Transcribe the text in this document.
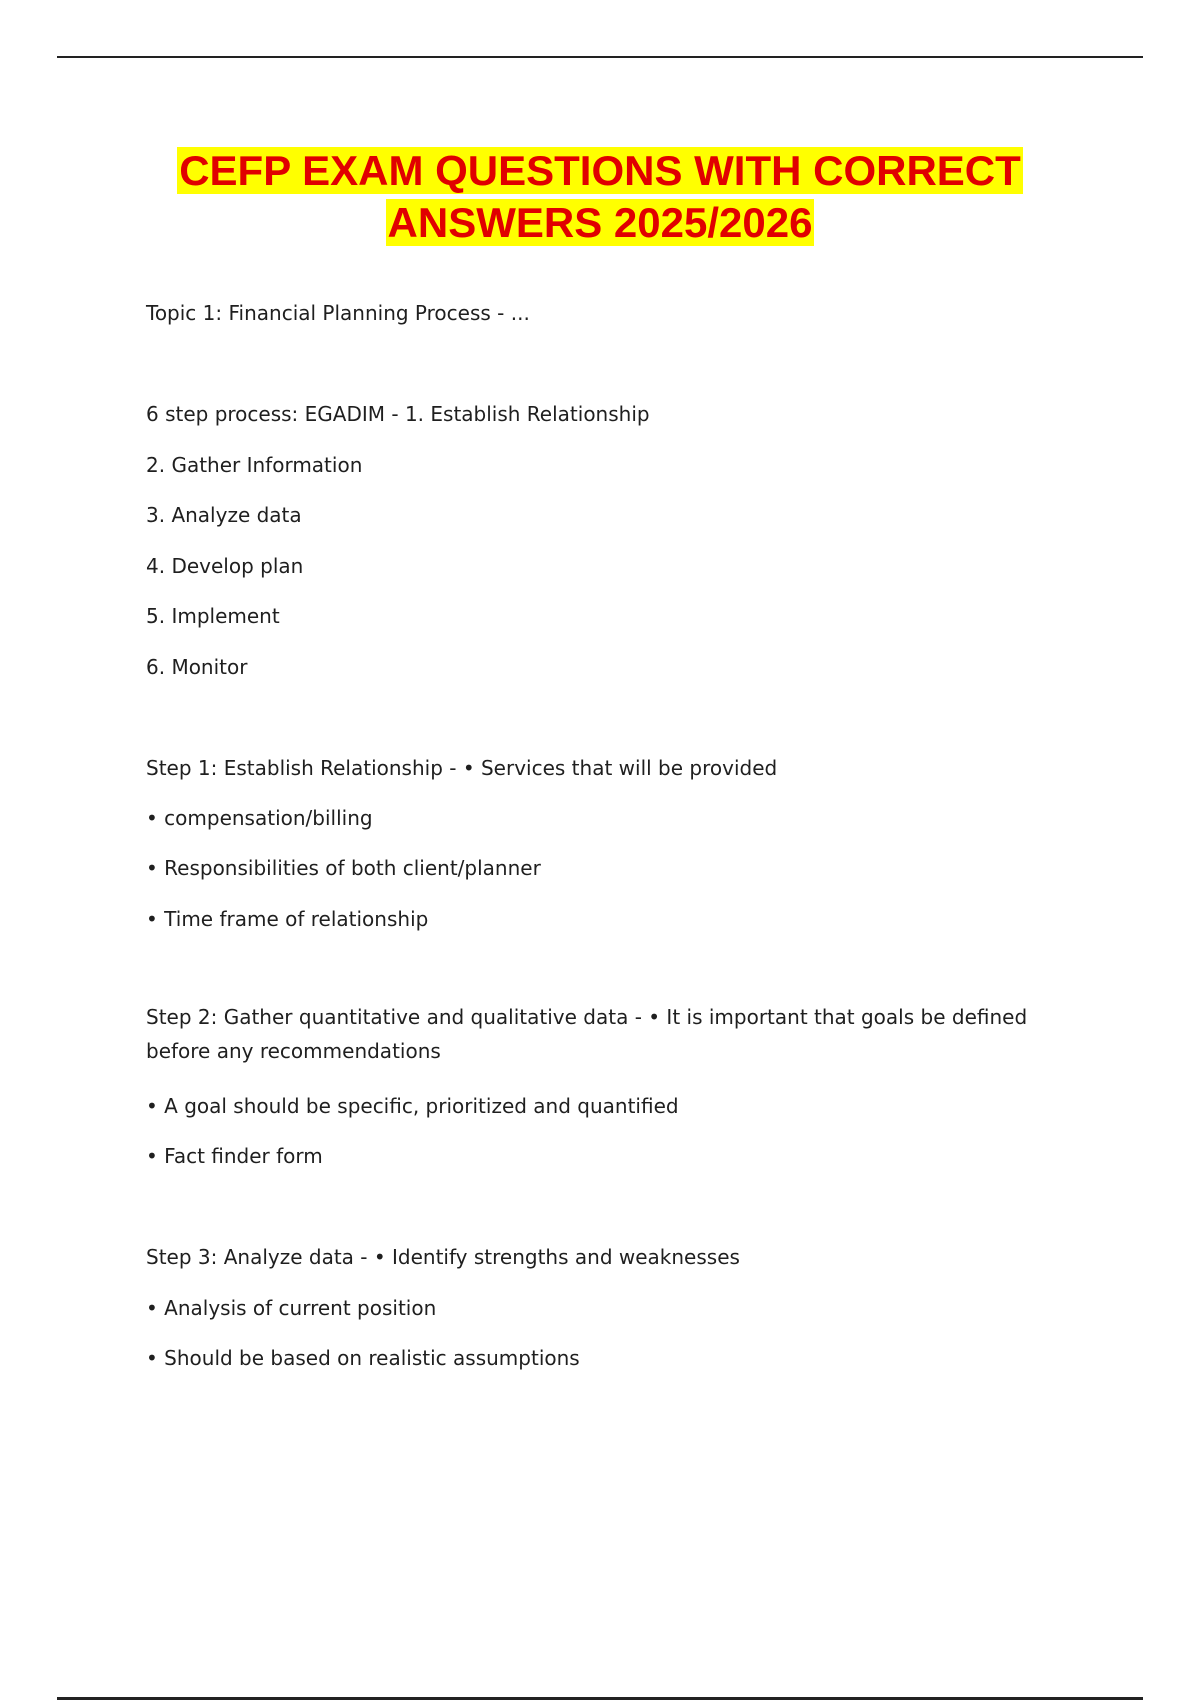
CEFP EXAM QUESTIONS WITH CORRECT
ANSWERS 2025/2026
Topic 1: Financial Planning Process - ...
6 step process: EGADIM - 1. Establish Relationship
2. Gather Information
3. Analyze data
4. Develop plan
5. Implement
6. Monitor
Step 1: Establish Relationship - • Services that will be provided
• compensation/billing
• Responsibilities of both client/planner
• Time frame of relationship
Step 2: Gather quantitative and qualitative data - • It is important that goals be defined before any recommendations
• A goal should be specific, prioritized and quantified
• Fact finder form
Step 3: Analyze data - • Identify strengths and weaknesses
• Analysis of current position
• Should be based on realistic assumptions
